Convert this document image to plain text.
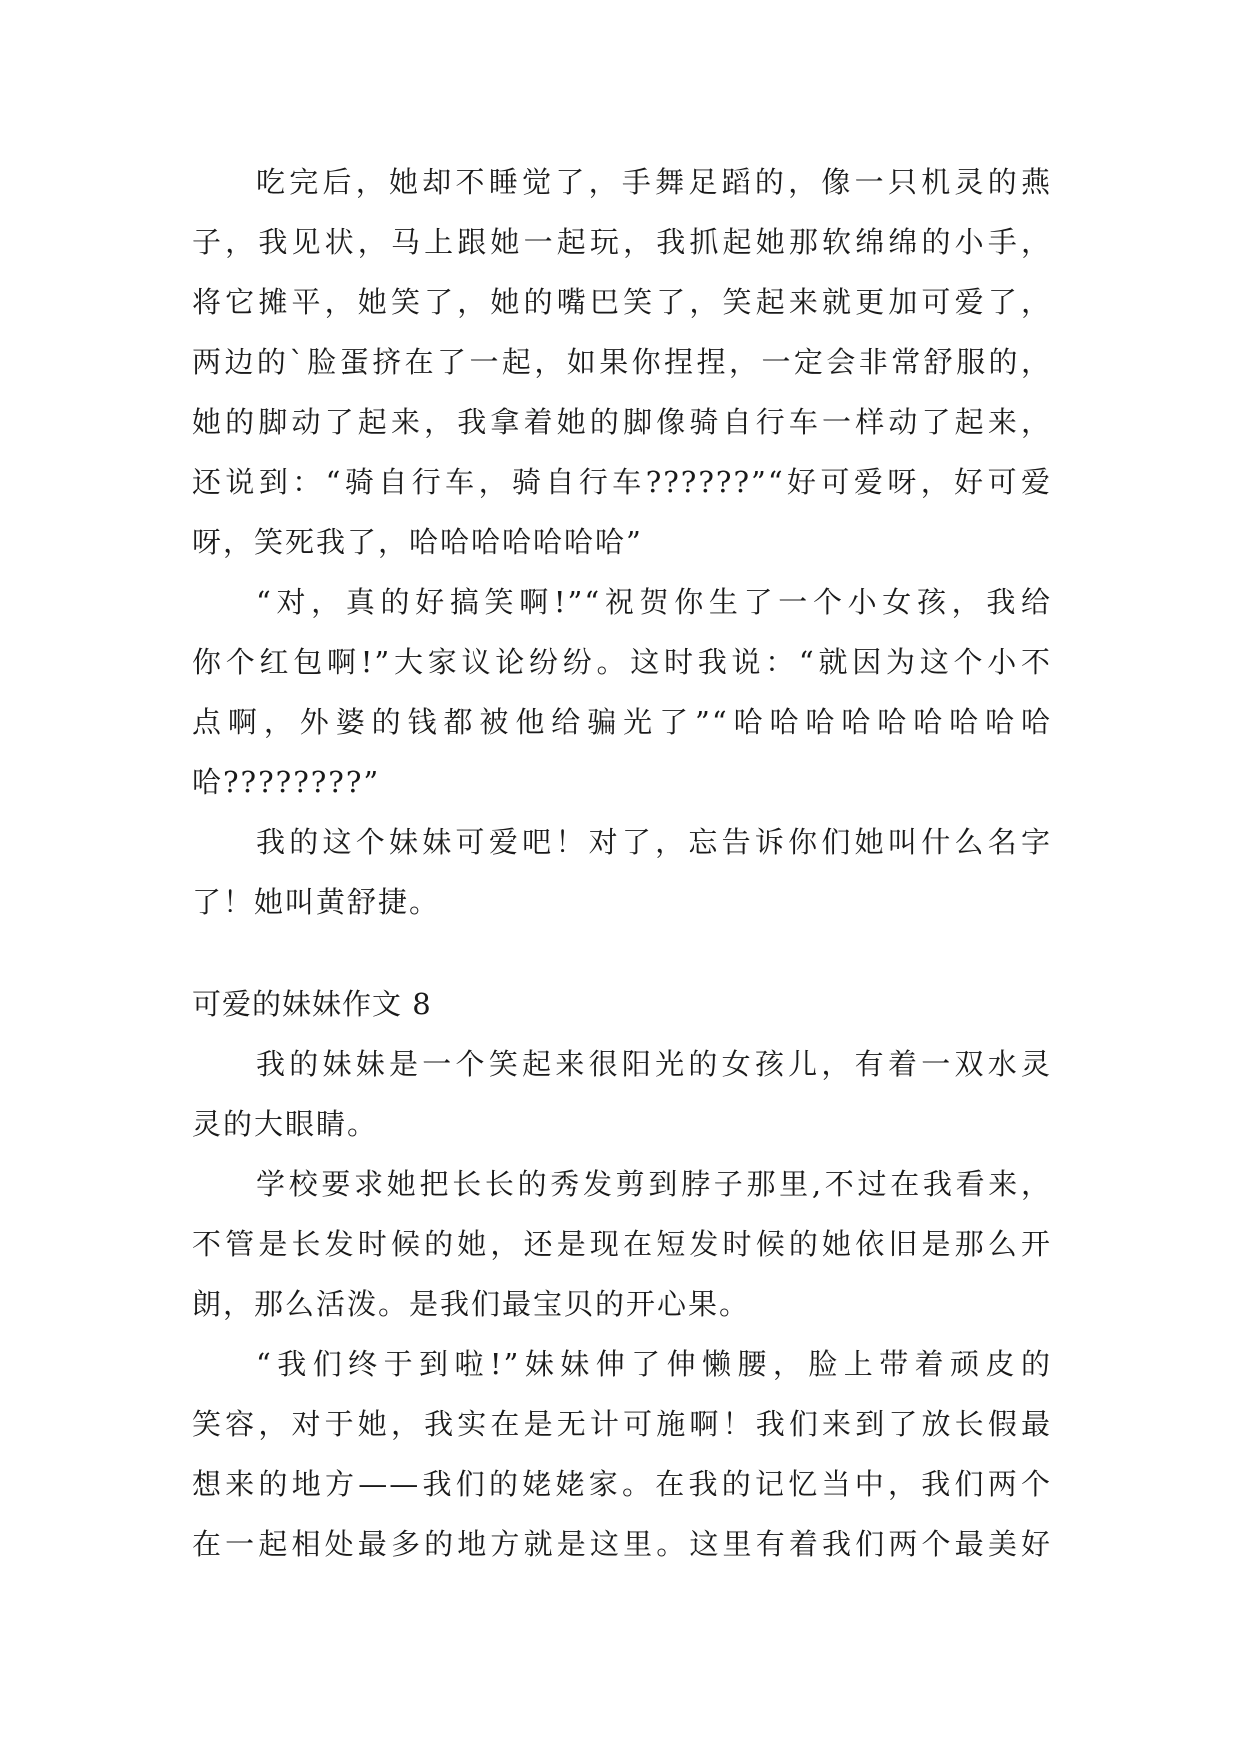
吃完后，她却不睡觉了，手舞足蹈的，像一只机灵的燕
子，我见状，马上跟她一起玩，我抓起她那软绵绵的小手，
将它摊平，她笑了，她的嘴巴笑了，笑起来就更加可爱了，
两边的`脸蛋挤在了一起，如果你捏捏，一定会非常舒服的，
她的脚动了起来，我拿着她的脚像骑自行车一样动了起来，
还说到：“骑自行车，骑自行车??????”“好可爱呀，好可爱
呀，笑死我了，哈哈哈哈哈哈哈”
“对，真的好搞笑啊!”“祝贺你生了一个小女孩，我给
你个红包啊!”大家议论纷纷。这时我说：“就因为这个小不
点啊，外婆的钱都被他给骗光了”“哈哈哈哈哈哈哈哈哈
哈????????”
我的这个妹妹可爱吧！对了，忘告诉你们她叫什么名字
了！她叫黄舒捷。
可爱的妹妹作文 8
我的妹妹是一个笑起来很阳光的女孩儿，有着一双水灵
灵的大眼睛。
学校要求她把长长的秀发剪到脖子那里,不过在我看来，
不管是长发时候的她，还是现在短发时候的她依旧是那么开
朗，那么活泼。是我们最宝贝的开心果。
“我们终于到啦!”妹妹伸了伸懒腰，脸上带着顽皮的
笑容，对于她，我实在是无计可施啊！我们来到了放长假最
想来的地方——我们的姥姥家。在我的记忆当中，我们两个
在一起相处最多的地方就是这里。这里有着我们两个最美好
